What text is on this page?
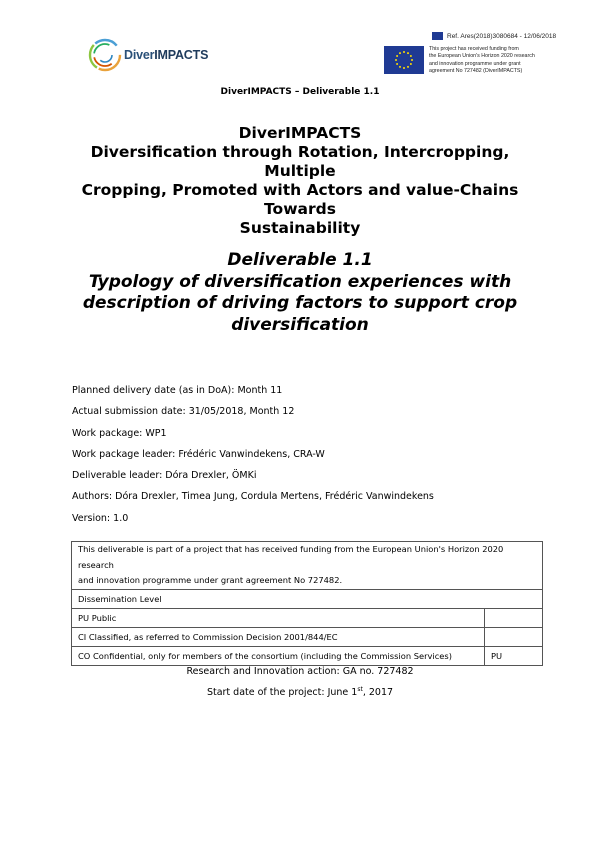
Ref. Ares(2018)3080684 - 12/06/2018
DiverIMPACTS	This project has received funding from
the European Union's Horizon 2020 research
and innovation programme under grant
agreement No 727482 (DiverIMPACTS)
DiverIMPACTS – Deliverable 1.1
DiverIMPACTS
Diversification through Rotation, Intercropping, Multiple
Cropping, Promoted with Actors and value-Chains Towards
Sustainability
Deliverable 1.1
Typology of diversification experiences with
description of driving factors to support crop
diversification
Planned delivery date (as in DoA): Month 11
Actual submission date: 31/05/2018, Month 12
Work package: WP1
Work package leader: Frédéric Vanwindekens, CRA-W
Deliverable leader: Dóra Drexler, ÖMKi
Authors: Dóra Drexler, Timea Jung, Cordula Mertens, Frédéric Vanwindekens
Version: 1.0
This deliverable is part of a project that has received funding from the European Union's Horizon 2020 research
and innovation programme under grant agreement No 727482.	

Dissemination Level	
PU Public	
CI Classified, as referred to Commission Decision 2001/844/EC	
CO Confidential, only for members of the consortium (including the Commission Services)	PU
Research and Innovation action: GA no. 727482
Start date of the project: June 1st, 2017
